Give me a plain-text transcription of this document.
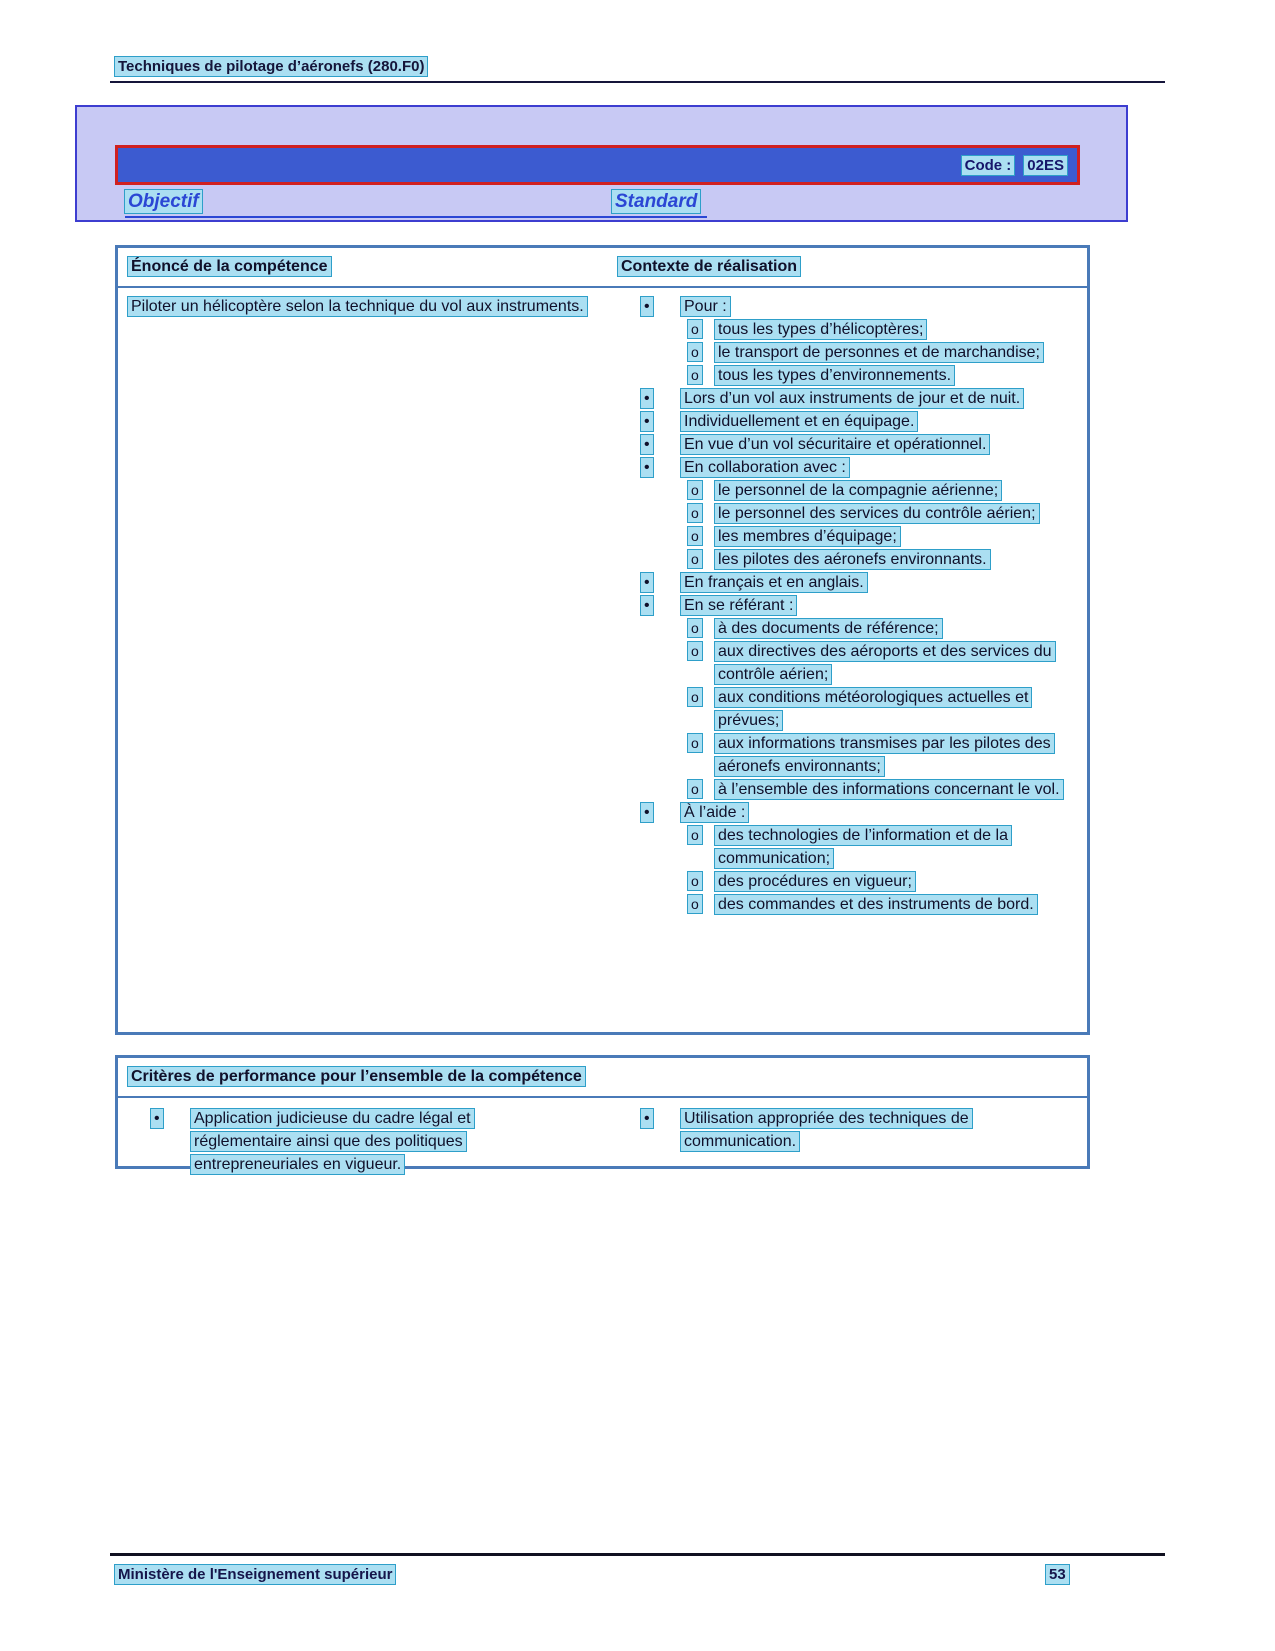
Techniques de pilotage d’aéronefs (280.F0)
Code : 02ES
Objectif	Standard
Énoncé de la compétence	Contexte de réalisation
Piloter un hélicoptère selon la technique du vol aux instruments.	•	Pour :
o	tous les types d’hélicoptères;
o	le transport de personnes et de marchandise;
o	tous les types d’environnements.
•	Lors d’un vol aux instruments de jour et de nuit.
•	Individuellement et en équipage.
•	En vue d’un vol sécuritaire et opérationnel.
•	En collaboration avec :
o	le personnel de la compagnie aérienne;
o	le personnel des services du contrôle aérien;
o	les membres d’équipage;
o	les pilotes des aéronefs environnants.
•	En français et en anglais.
•	En se référant :
o	à des documents de référence;
o	aux directives des aéroports et des services du contrôle aérien;
o	aux conditions météorologiques actuelles et prévues;
o	aux informations transmises par les pilotes des aéronefs environnants;
o	à l’ensemble des informations concernant le vol.
•	À l’aide :
o	des technologies de l’information et de la communication;
o	des procédures en vigueur;
o	des commandes et des instruments de bord.
Critères de performance pour l’ensemble de la compétence
•	Application judicieuse du cadre légal et réglementaire ainsi que des politiques entrepreneuriales en vigueur.
•	Utilisation appropriée des techniques de communication.
Ministère de l'Enseignement supérieur	53
